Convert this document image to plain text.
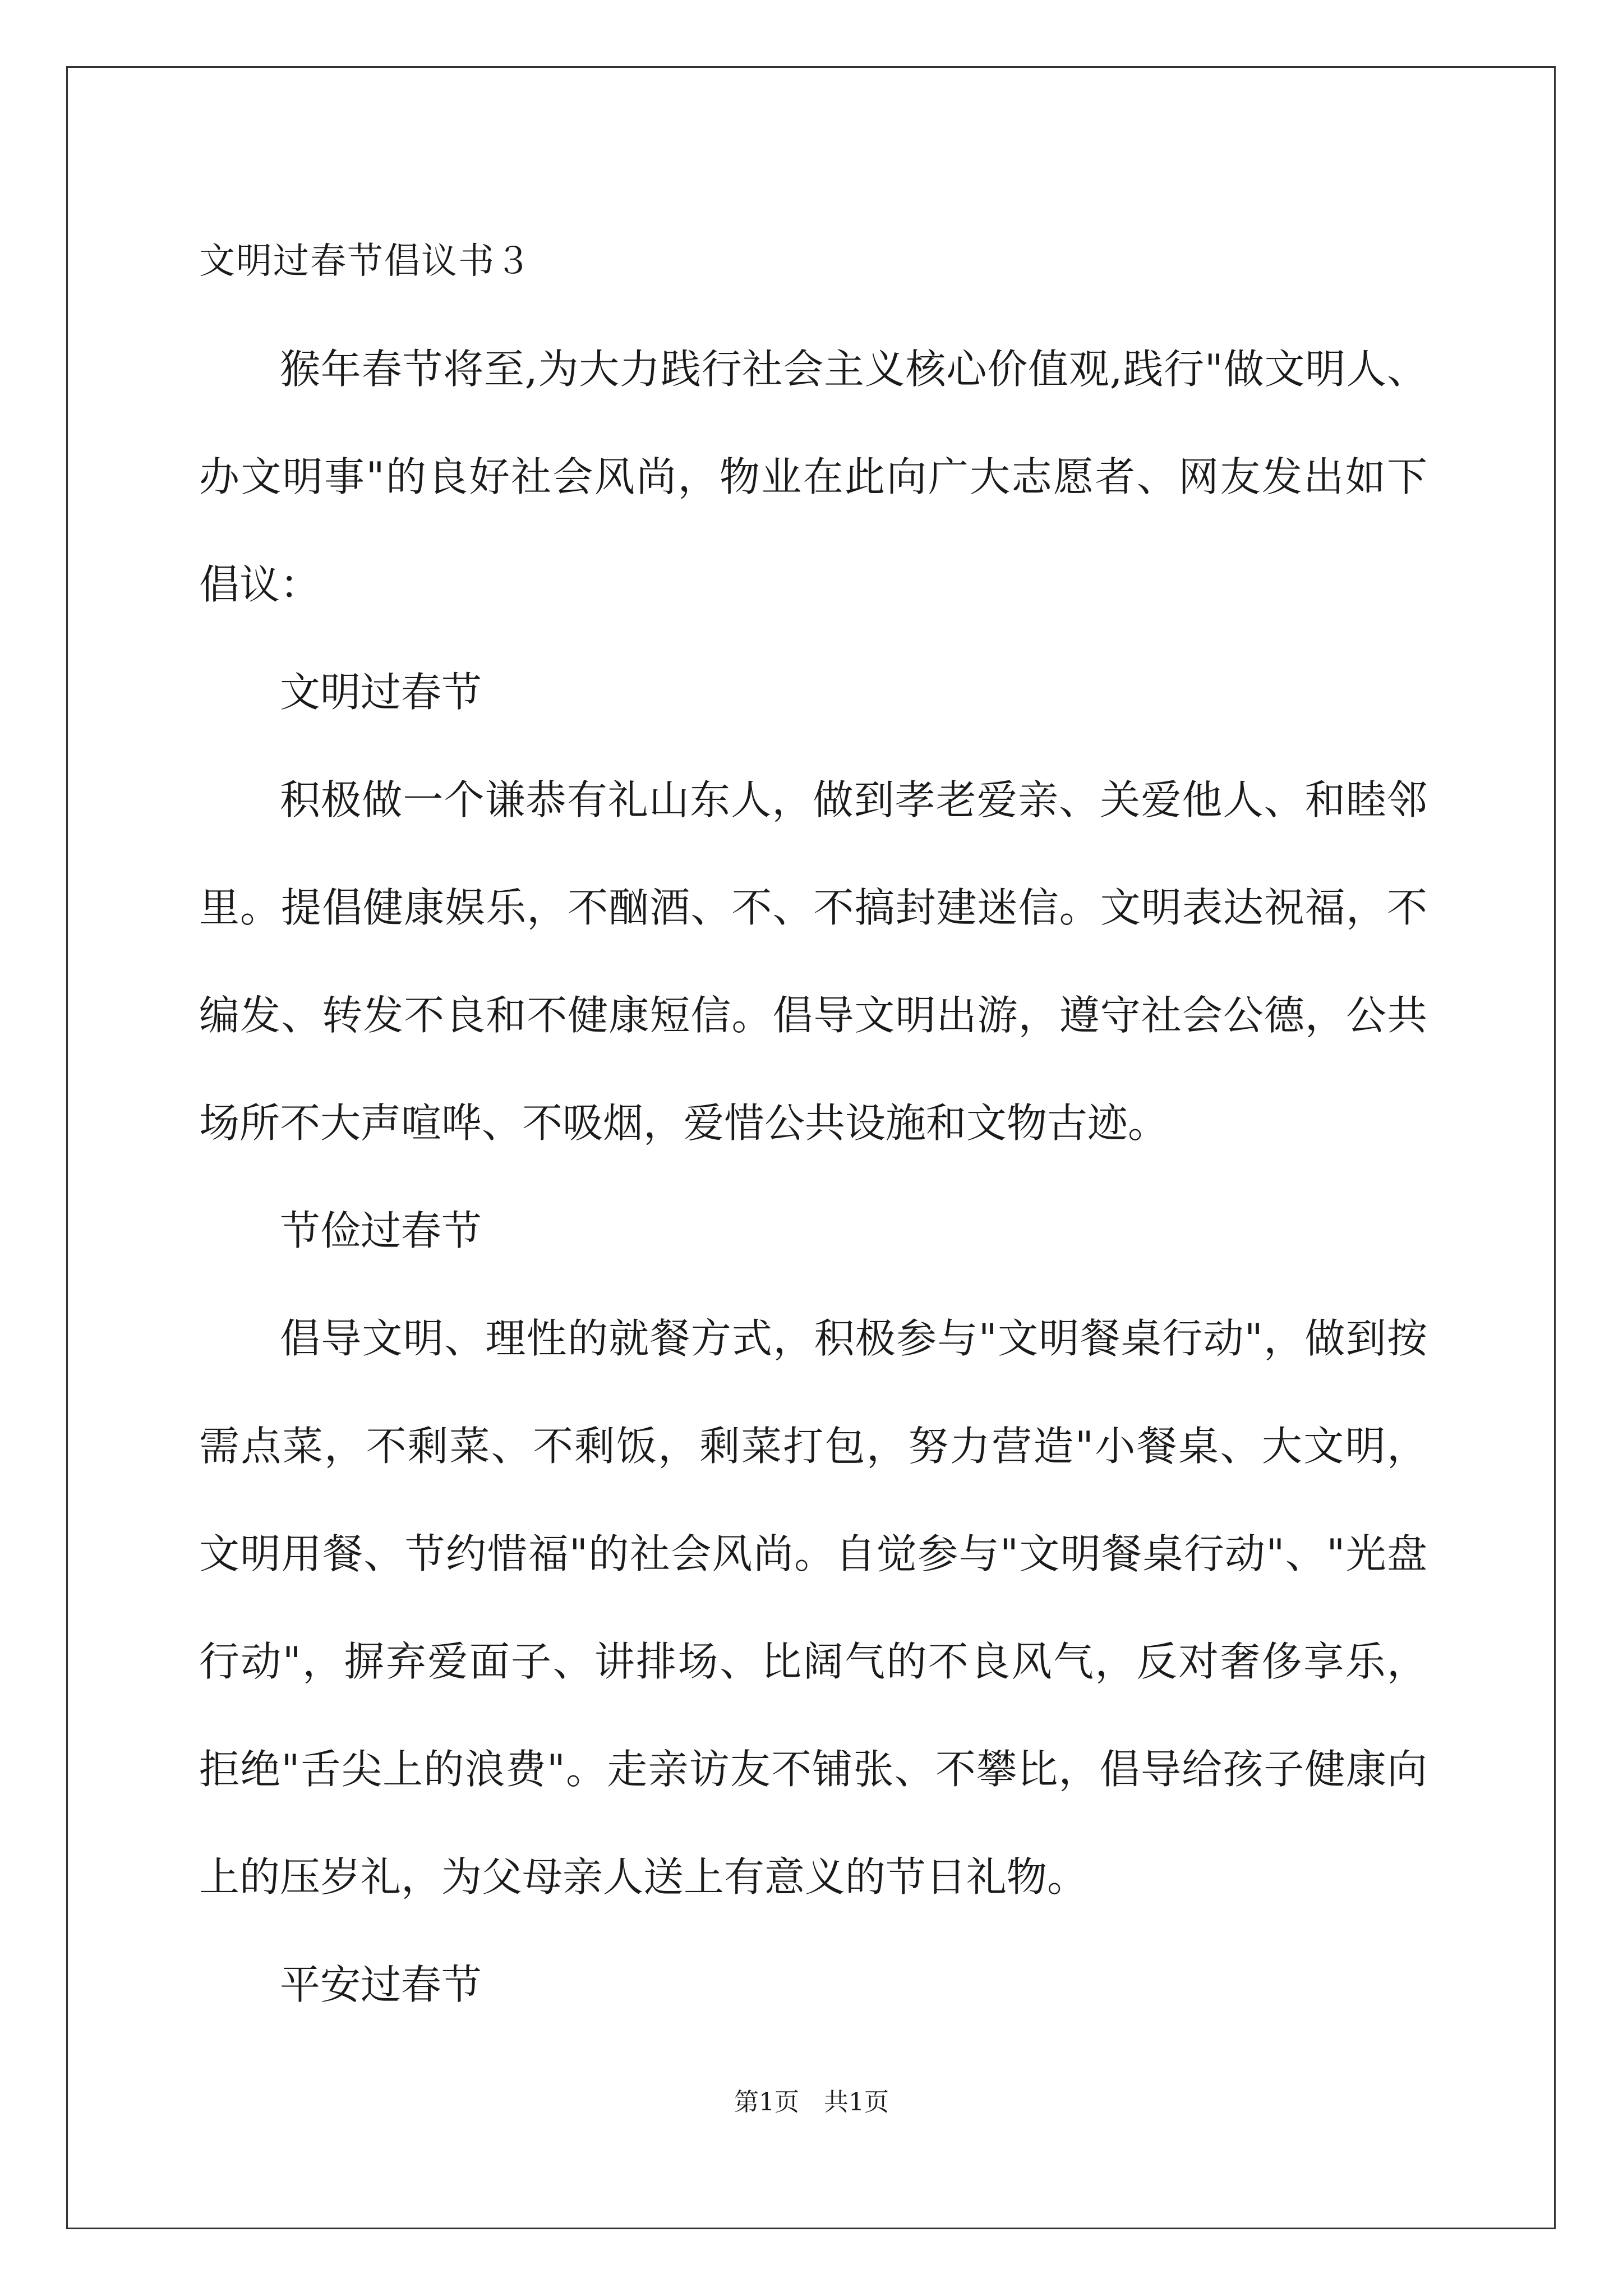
文明过春节倡议书３

猴年春节将至,为大力践行社会主义核心价值观,践行"做文明人、办文明事"的良好社会风尚，物业在此向广大志愿者、网友发出如下倡议：

文明过春节

积极做一个谦恭有礼山东人，做到孝老爱亲、关爱他人、和睦邻里。提倡健康娱乐，不酗酒、不、不搞封建迷信。文明表达祝福，不编发、转发不良和不健康短信。倡导文明出游，遵守社会公德，公共场所不大声喧哗、不吸烟，爱惜公共设施和文物古迹。

节俭过春节

倡导文明、理性的就餐方式，积极参与"文明餐桌行动"，做到按需点菜，不剩菜、不剩饭，剩菜打包，努力营造"小餐桌、大文明，文明用餐、节约惜福"的社会风尚。自觉参与"文明餐桌行动"、"光盘行动"，摒弃爱面子、讲排场、比阔气的不良风气，反对奢侈享乐，拒绝"舌尖上的浪费"。走亲访友不铺张、不攀比，倡导给孩子健康向上的压岁礼，为父母亲人送上有意义的节日礼物。

平安过春节

第1页　共1页
